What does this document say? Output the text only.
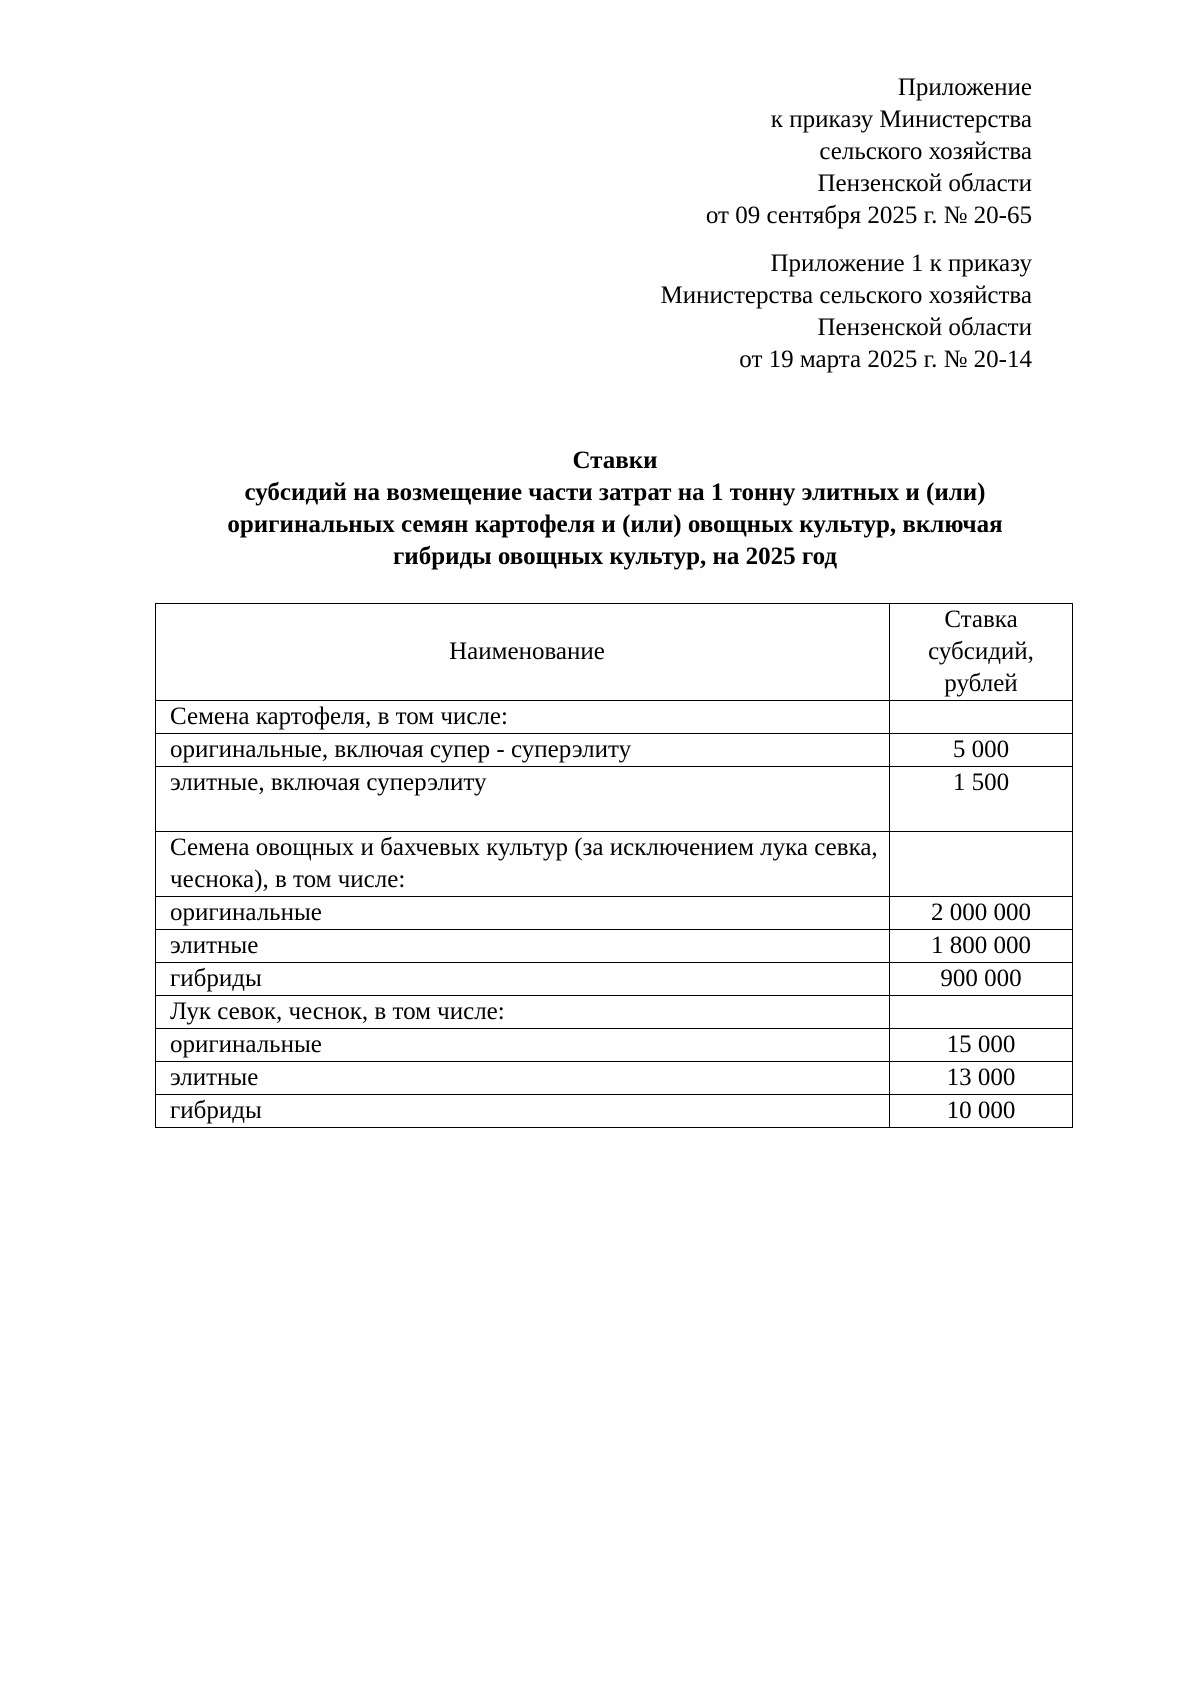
Приложение
к приказу Министерства
сельского хозяйства
Пензенской области
от 09 сентября 2025 г. № 20-65
Приложение 1 к приказу
Министерства сельского хозяйства
Пензенской области
от 19 марта 2025 г. № 20-14
Ставки
субсидий на возмещение части затрат на 1 тонну элитных и (или)
оригинальных семян картофеля и (или) овощных культур, включая
гибриды овощных культур, на 2025 год
Наименование	Ставка
субсидий,
рублей

Семена картофеля, в том числе:	
оригинальные, включая супер - суперэлиту	5 000
элитные, включая суперэлиту	1 500
Семена овощных и бахчевых культур (за исключением лука севка, чеснока), в том числе:	
оригинальные	2 000 000
элитные	1 800 000
гибриды	900 000
Лук севок, чеснок, в том числе:	
оригинальные	15 000
элитные	13 000
гибриды	10 000
